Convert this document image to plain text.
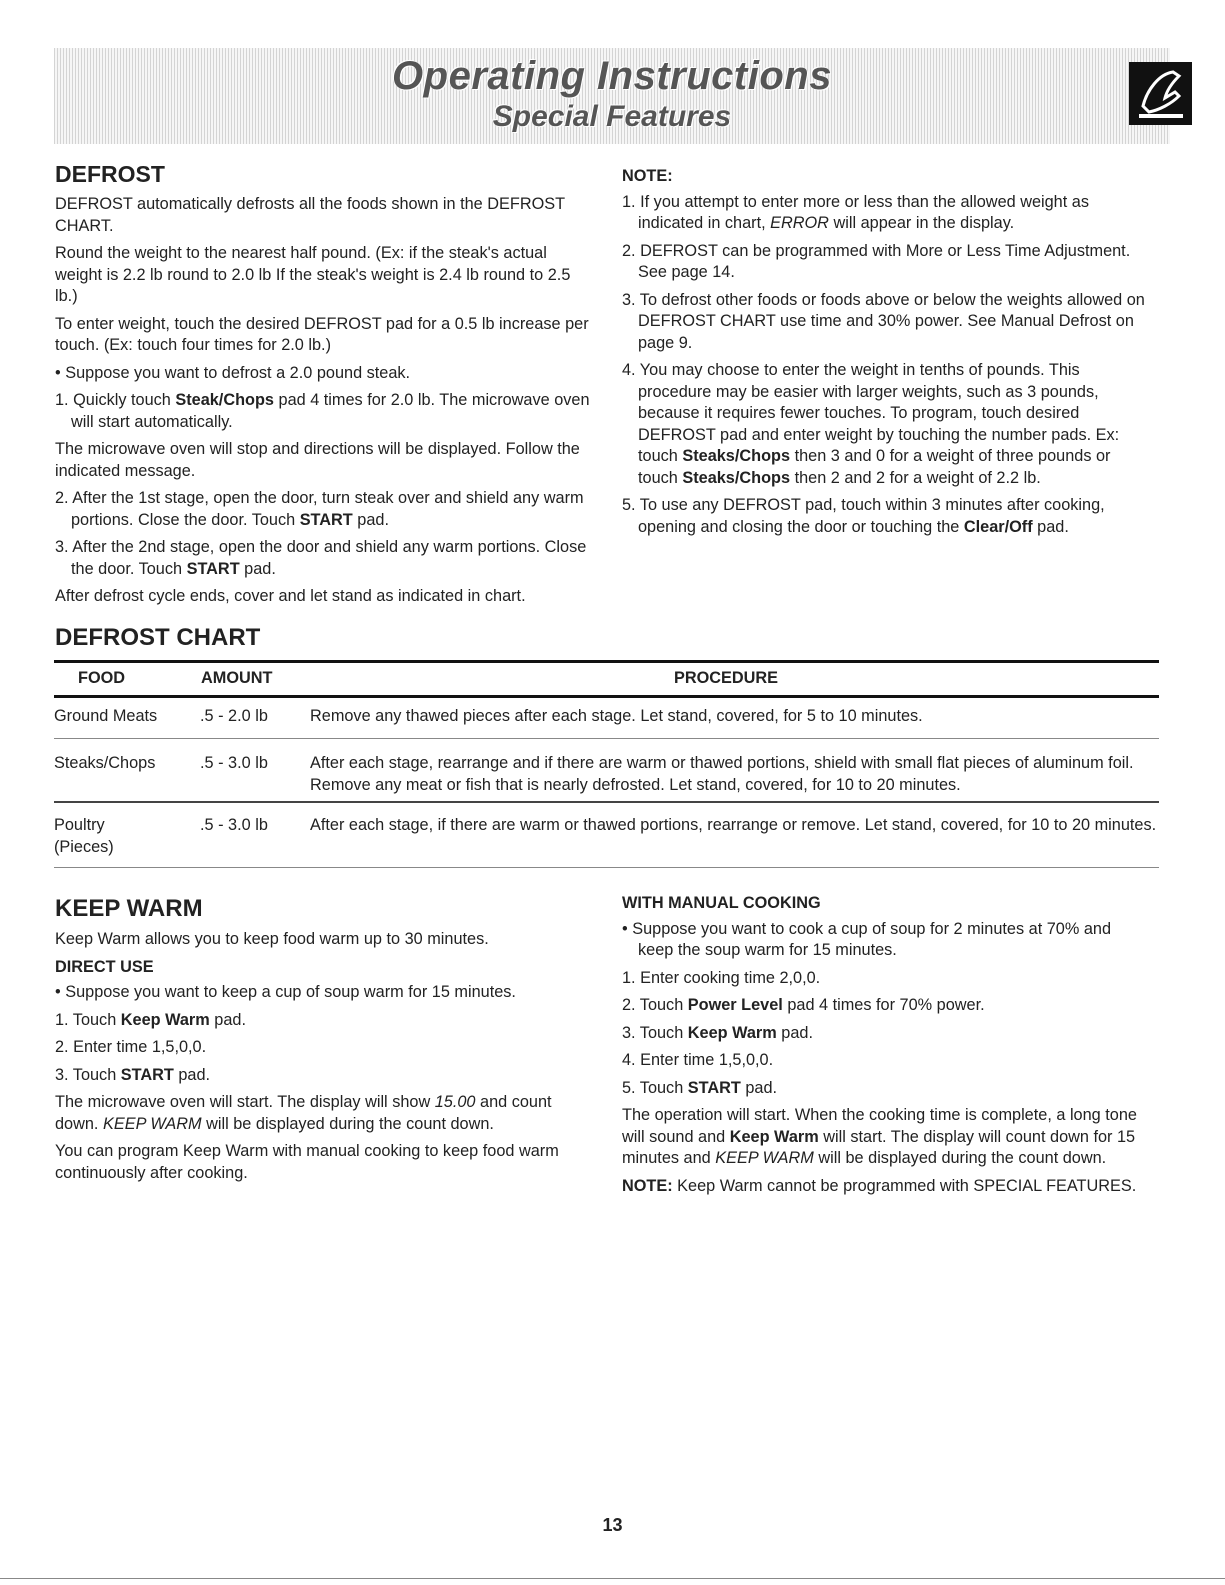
Operating Instructions
Special Features
DEFROST
DEFROST automatically defrosts all the foods shown in the DEFROST CHART.
Round the weight to the nearest half pound. (Ex: if the steak's actual weight is 2.2 lb round to 2.0 lb If the steak's weight is 2.4 lb round to 2.5 lb.)
To enter weight, touch the desired DEFROST pad for a 0.5 lb increase per touch. (Ex: touch four times for 2.0 lb.)
• Suppose you want to defrost a 2.0 pound steak.
1. Quickly touch Steak/Chops pad 4 times for 2.0 lb. The microwave oven will start automatically.
The microwave oven will stop and directions will be displayed. Follow the indicated message.
2. After the 1st stage, open the door, turn steak over and shield any warm portions. Close the door. Touch START pad.
3. After the 2nd stage, open the door and shield any warm portions. Close the door. Touch START pad.
After defrost cycle ends, cover and let stand as indicated in chart.
NOTE:
1. If you attempt to enter more or less than the allowed weight as indicated in chart, ERROR will appear in the display.
2. DEFROST can be programmed with More or Less Time Adjustment. See page 14.
3. To defrost other foods or foods above or below the weights allowed on DEFROST CHART use time and 30% power. See Manual Defrost on page 9.
4. You may choose to enter the weight in tenths of pounds. This procedure may be easier with larger weights, such as 3 pounds, because it requires fewer touches. To program, touch desired DEFROST pad and enter weight by touching the number pads. Ex: touch Steaks/Chops then 3 and 0 for a weight of three pounds or touch Steaks/Chops then 2 and 2 for a weight of 2.2 lb.
5. To use any DEFROST pad, touch within 3 minutes after cooking, opening and closing the door or touching the Clear/Off pad.
DEFROST CHART
FOOD	AMOUNT	PROCEDURE
Ground Meats	.5 - 2.0 lb	Remove any thawed pieces after each stage. Let stand, covered, for 5 to 10 minutes.
Steaks/Chops	.5 - 3.0 lb	After each stage, rearrange and if there are warm or thawed portions, shield with small flat pieces of aluminum foil. Remove any meat or fish that is nearly defrosted. Let stand, covered, for 10 to 20 minutes.
Poultry
(Pieces)
.5 - 3.0 lb	After each stage, if there are warm or thawed portions, rearrange or remove. Let stand, covered, for 10 to 20 minutes.
KEEP WARM
Keep Warm allows you to keep food warm up to 30 minutes.
DIRECT USE
• Suppose you want to keep a cup of soup warm for 15 minutes.
1. Touch Keep Warm pad.
2. Enter time 1,5,0,0.
3. Touch START pad.
The microwave oven will start. The display will show 15.00 and count down. KEEP WARM will be displayed during the count down.
You can program Keep Warm with manual cooking to keep food warm continuously after cooking.
WITH MANUAL COOKING
• Suppose you want to cook a cup of soup for 2 minutes at 70% and keep the soup warm for 15 minutes.
1. Enter cooking time 2,0,0.
2. Touch Power Level pad 4 times for 70% power.
3. Touch Keep Warm pad.
4. Enter time 1,5,0,0.
5. Touch START pad.
The operation will start. When the cooking time is complete, a long tone will sound and Keep Warm will start. The display will count down for 15 minutes and KEEP WARM will be displayed during the count down.
NOTE: Keep Warm cannot be programmed with SPECIAL FEATURES.
13
